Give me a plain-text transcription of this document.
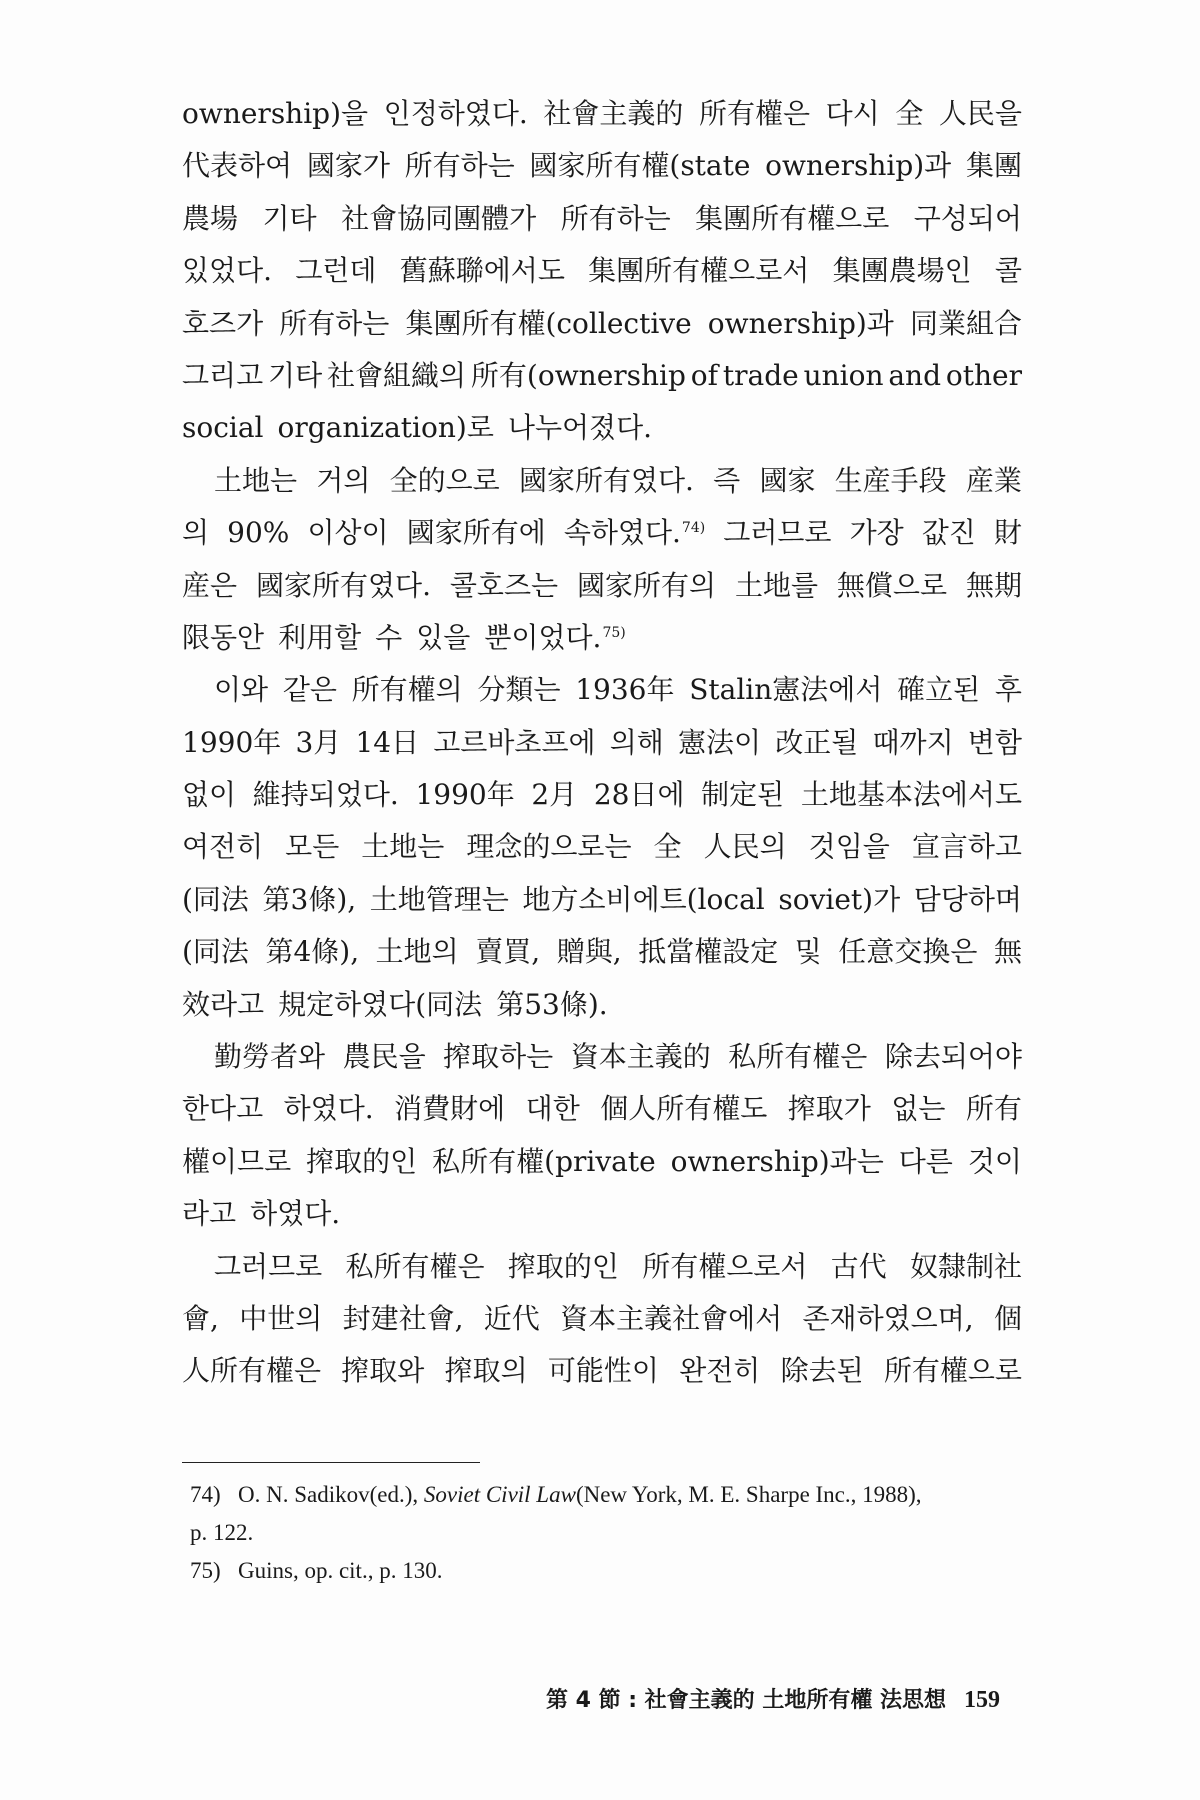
ownership)을 인정하였다. 社會主義的 所有權은 다시 全 人民을
代表하여 國家가 所有하는 國家所有權(state ownership)과 集團
農場 기타 社會協同團體가 所有하는 集團所有權으로 구성되어
있었다. 그런데 舊蘇聯에서도 集團所有權으로서 集團農場인 콜
호즈가 所有하는 集團所有權(collective ownership)과 同業組合
그리고 기타 社會組織의 所有(ownership of trade union and other
social organization)로 나누어졌다.
土地는 거의 全的으로 國家所有였다. 즉 國家 生産手段 産業
의 90% 이상이 國家所有에 속하였다.$^{74)}$ 그러므로 가장 값진 財
産은 國家所有였다. 콜호즈는 國家所有의 土地를 無償으로 無期
限동안 利用할 수 있을 뿐이었다.$^{75)}$
이와 같은 所有權의 分類는 1936年 Stalin憲法에서 確立된 후
1990年 3月 14日 고르바초프에 의해 憲法이 改正될 때까지 변함
없이 維持되었다. 1990年 2月 28日에 制定된 土地基本法에서도
여전히 모든 土地는 理念的으로는 全 人民의 것임을 宣言하고
(同法 第3條), 土地管理는 地方소비에트(local soviet)가 담당하며
(同法 第4條), 土地의 賣買, 贈與, 抵當權設定 및 任意交換은 無
效라고 規定하였다(同法 第53條).
勤勞者와 農民을 搾取하는 資本主義的 私所有權은 除去되어야
한다고 하였다. 消費財에 대한 個人所有權도 搾取가 없는 所有
權이므로 搾取的인 私所有權(private ownership)과는 다른 것이
라고 하였다.
그러므로 私所有權은 搾取的인 所有權으로서 古代 奴隸制社
會, 中世의 封建社會, 近代 資本主義社會에서 존재하였으며, 個
人所有權은 搾取와 搾取의 可能性이 완전히 除去된 所有權으로
74) O. N. Sadikov(ed.), Soviet Civil Law(New York, M. E. Sharpe Inc., 1988),
p. 122.
75) Guins, op. cit., p. 130.
第 4 節 : 社會主義的 土地所有權 法思想 159
